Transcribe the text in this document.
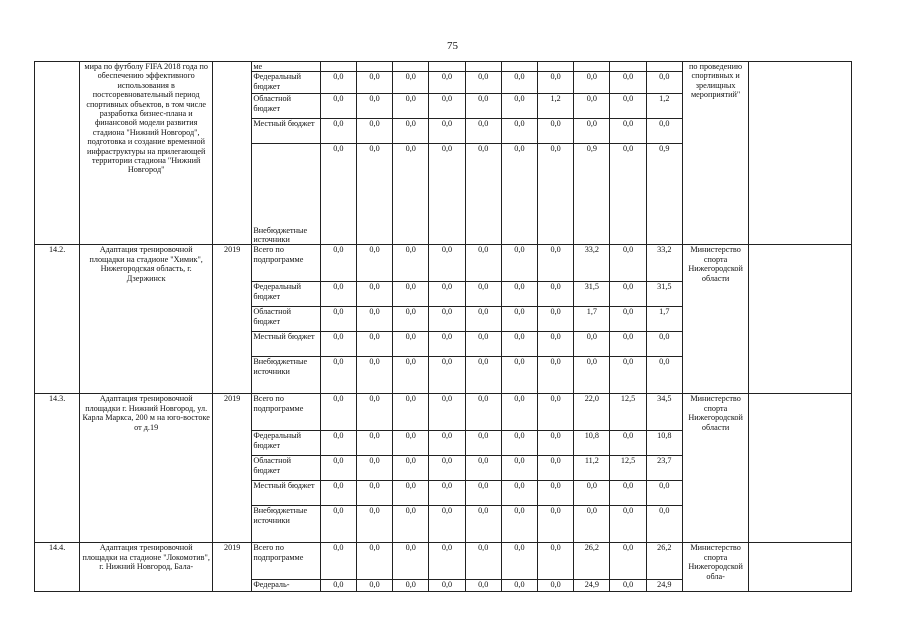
75
	мира по футболу FIFA 2018 года по обеспечению эффективного использования в постсоревновательный период спортивных объектов, в том числе разработка бизнес-плана и финансовой модели развития стадиона "Нижний Новгород", подготовка и создание временной инфраструктуры на прилегающей территории стадиона "Нижний Новгород"		ме											по проведению спортивных и зрелищных мероприятий"	
			Федеральный бюджет	0,0	0,0	0,0	0,0	0,0	0,0	0,0	0,0	0,0	0,0		
			Областной бюджет	0,0	0,0	0,0	0,0	0,0	0,0	1,2	0,0	0,0	1,2		
			Местный бюджет	0,0	0,0	0,0	0,0	0,0	0,0	0,0	0,0	0,0	0,0		
			Внебюджетные источники	0,0	0,0	0,0	0,0	0,0	0,0	0,0	0,9	0,0	0,9		
14.2.	Адаптация тренировочной площадки на стадионе "Химик", Нижегородская область, г. Дзержинск	2019	Всего по подпрограмме	0,0	0,0	0,0	0,0	0,0	0,0	0,0	33,2	0,0	33,2	Министерство спорта Нижегородской области	
			Федеральный бюджет	0,0	0,0	0,0	0,0	0,0	0,0	0,0	31,5	0,0	31,5		
			Областной бюджет	0,0	0,0	0,0	0,0	0,0	0,0	0,0	1,7	0,0	1,7		
			Местный бюджет	0,0	0,0	0,0	0,0	0,0	0,0	0,0	0,0	0,0	0,0		
			Внебюджетные источники	0,0	0,0	0,0	0,0	0,0	0,0	0,0	0,0	0,0	0,0		
14.3.	Адаптация тренировочной площадки г. Нижний Новгород, ул. Карла Маркса, 200 м на юго-востоке от д.19	2019	Всего по подпрограмме	0,0	0,0	0,0	0,0	0,0	0,0	0,0	22,0	12,5	34,5	Министерство спорта Нижегородской области	
			Федеральный бюджет	0,0	0,0	0,0	0,0	0,0	0,0	0,0	10,8	0,0	10,8		
			Областной бюджет	0,0	0,0	0,0	0,0	0,0	0,0	0,0	11,2	12,5	23,7		
			Местный бюджет	0,0	0,0	0,0	0,0	0,0	0,0	0,0	0,0	0,0	0,0		
			Внебюджетные источники	0,0	0,0	0,0	0,0	0,0	0,0	0,0	0,0	0,0	0,0		
14.4.	Адаптация тренировочной площадки на стадионе "Локомотив", г. Нижний Новгород, Бала-	2019	Всего по подпрограмме	0,0	0,0	0,0	0,0	0,0	0,0	0,0	26,2	0,0	26,2	Министерство спорта Нижегородской обла-	
			Федераль-	0,0	0,0	0,0	0,0	0,0	0,0	0,0	24,9	0,0	24,9		
